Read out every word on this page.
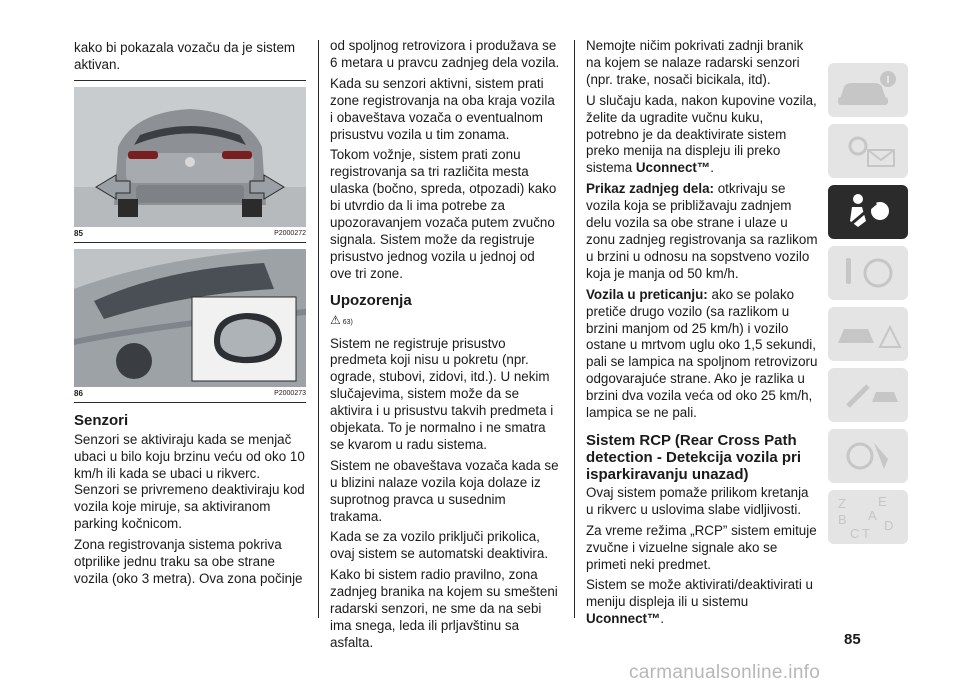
kako bi pokazala vozaču da je sistem aktivan.

85	P2000272
86	P2000273
Senzori

Senzori se aktiviraju kada se menjač ubaci u bilo koju brzinu veću od oko 10 km/h ili kada se ubaci u rikverc. Senzori se privremeno deaktiviraju kod vozila koje miruje, sa aktiviranom parking kočnicom.

Zona registrovanja sistema pokriva otprilike jednu traku sa obe strane vozila (oko 3 metra). Ova zona počinje

od spoljnog retrovizora i produžava se 6 metara u pravcu zadnjeg dela vozila.

Kada su senzori aktivni, sistem prati zone registrovanja na oba kraja vozila i obaveštava vozača o eventualnom prisustvu vozila u tim zonama.

Tokom vožnje, sistem prati zonu registrovanja sa tri različita mesta ulaska (bočno, spreda, otpozadi) kako bi utvrdio da li ima potrebe za upozoravanjem vozača putem zvučno signala. Sistem može da registruje prisustvo jednog vozila u jednoj od ove tri zone.

Upozorenja
⚠ 63)

Sistem ne registruje prisustvo predmeta koji nisu u pokretu (npr. ograde, stubovi, zidovi, itd.). U nekim slučajevima, sistem može da se aktivira i u prisustvu takvih predmeta i objekata. To je normalno i ne smatra se kvarom u radu sistema.

Sistem ne obaveštava vozača kada se u blizini nalaze vozila koja dolaze iz suprotnog pravca u susednim trakama.

Kada se za vozilo priključi prikolica, ovaj sistem se automatski deaktivira.

Kako bi sistem radio pravilno, zona zadnjeg branika na kojem su smešteni radarski senzori, ne sme da na sebi ima snega, leda ili prljavštinu sa asfalta.

Nemojte ničim pokrivati zadnji branik na kojem se nalaze radarski senzori (npr. trake, nosači bicikala, itd).

U slučaju kada, nakon kupovine vozila, želite da ugradite vučnu kuku, potrebno je da deaktivirate sistem preko menija na displeju ili preko sistema Uconnect™.

Prikaz zadnjeg dela: otkrivaju se vozila koja se približavaju zadnjem delu vozila sa obe strane i ulaze u zonu zadnjeg registrovanja sa razlikom u brzini u odnosu na sopstveno vozilo koja je manja od 50 km/h.

Vozila u preticanju: ako se polako pretiče drugo vozilo (sa razlikom u brzini manjom od 25 km/h) i vozilo ostane u mrtvom uglu oko 1,5 sekundi, pali se lampica na spoljnom retrovizoru odgovarajuće strane. Ako je razlika u brzini dva vozila veća od oko 25 km/h, lampica se ne pali.

Sistem RCP (Rear Cross Path detection - Detekcija vozila pri isparkiravanju unazad)

Ovaj sistem pomaže prilikom kretanja u rikverc u uslovima slabe vidljivosti.

Za vreme režima „RCP” sistem emituje zvučne i vizuelne signale ako se primeti neki predmet.

Sistem se može aktivirati/deaktivirati u meniju displeja ili u sistemu Uconnect™.

Z E
A
B
C
D
T
85
carmanualsonline.info
